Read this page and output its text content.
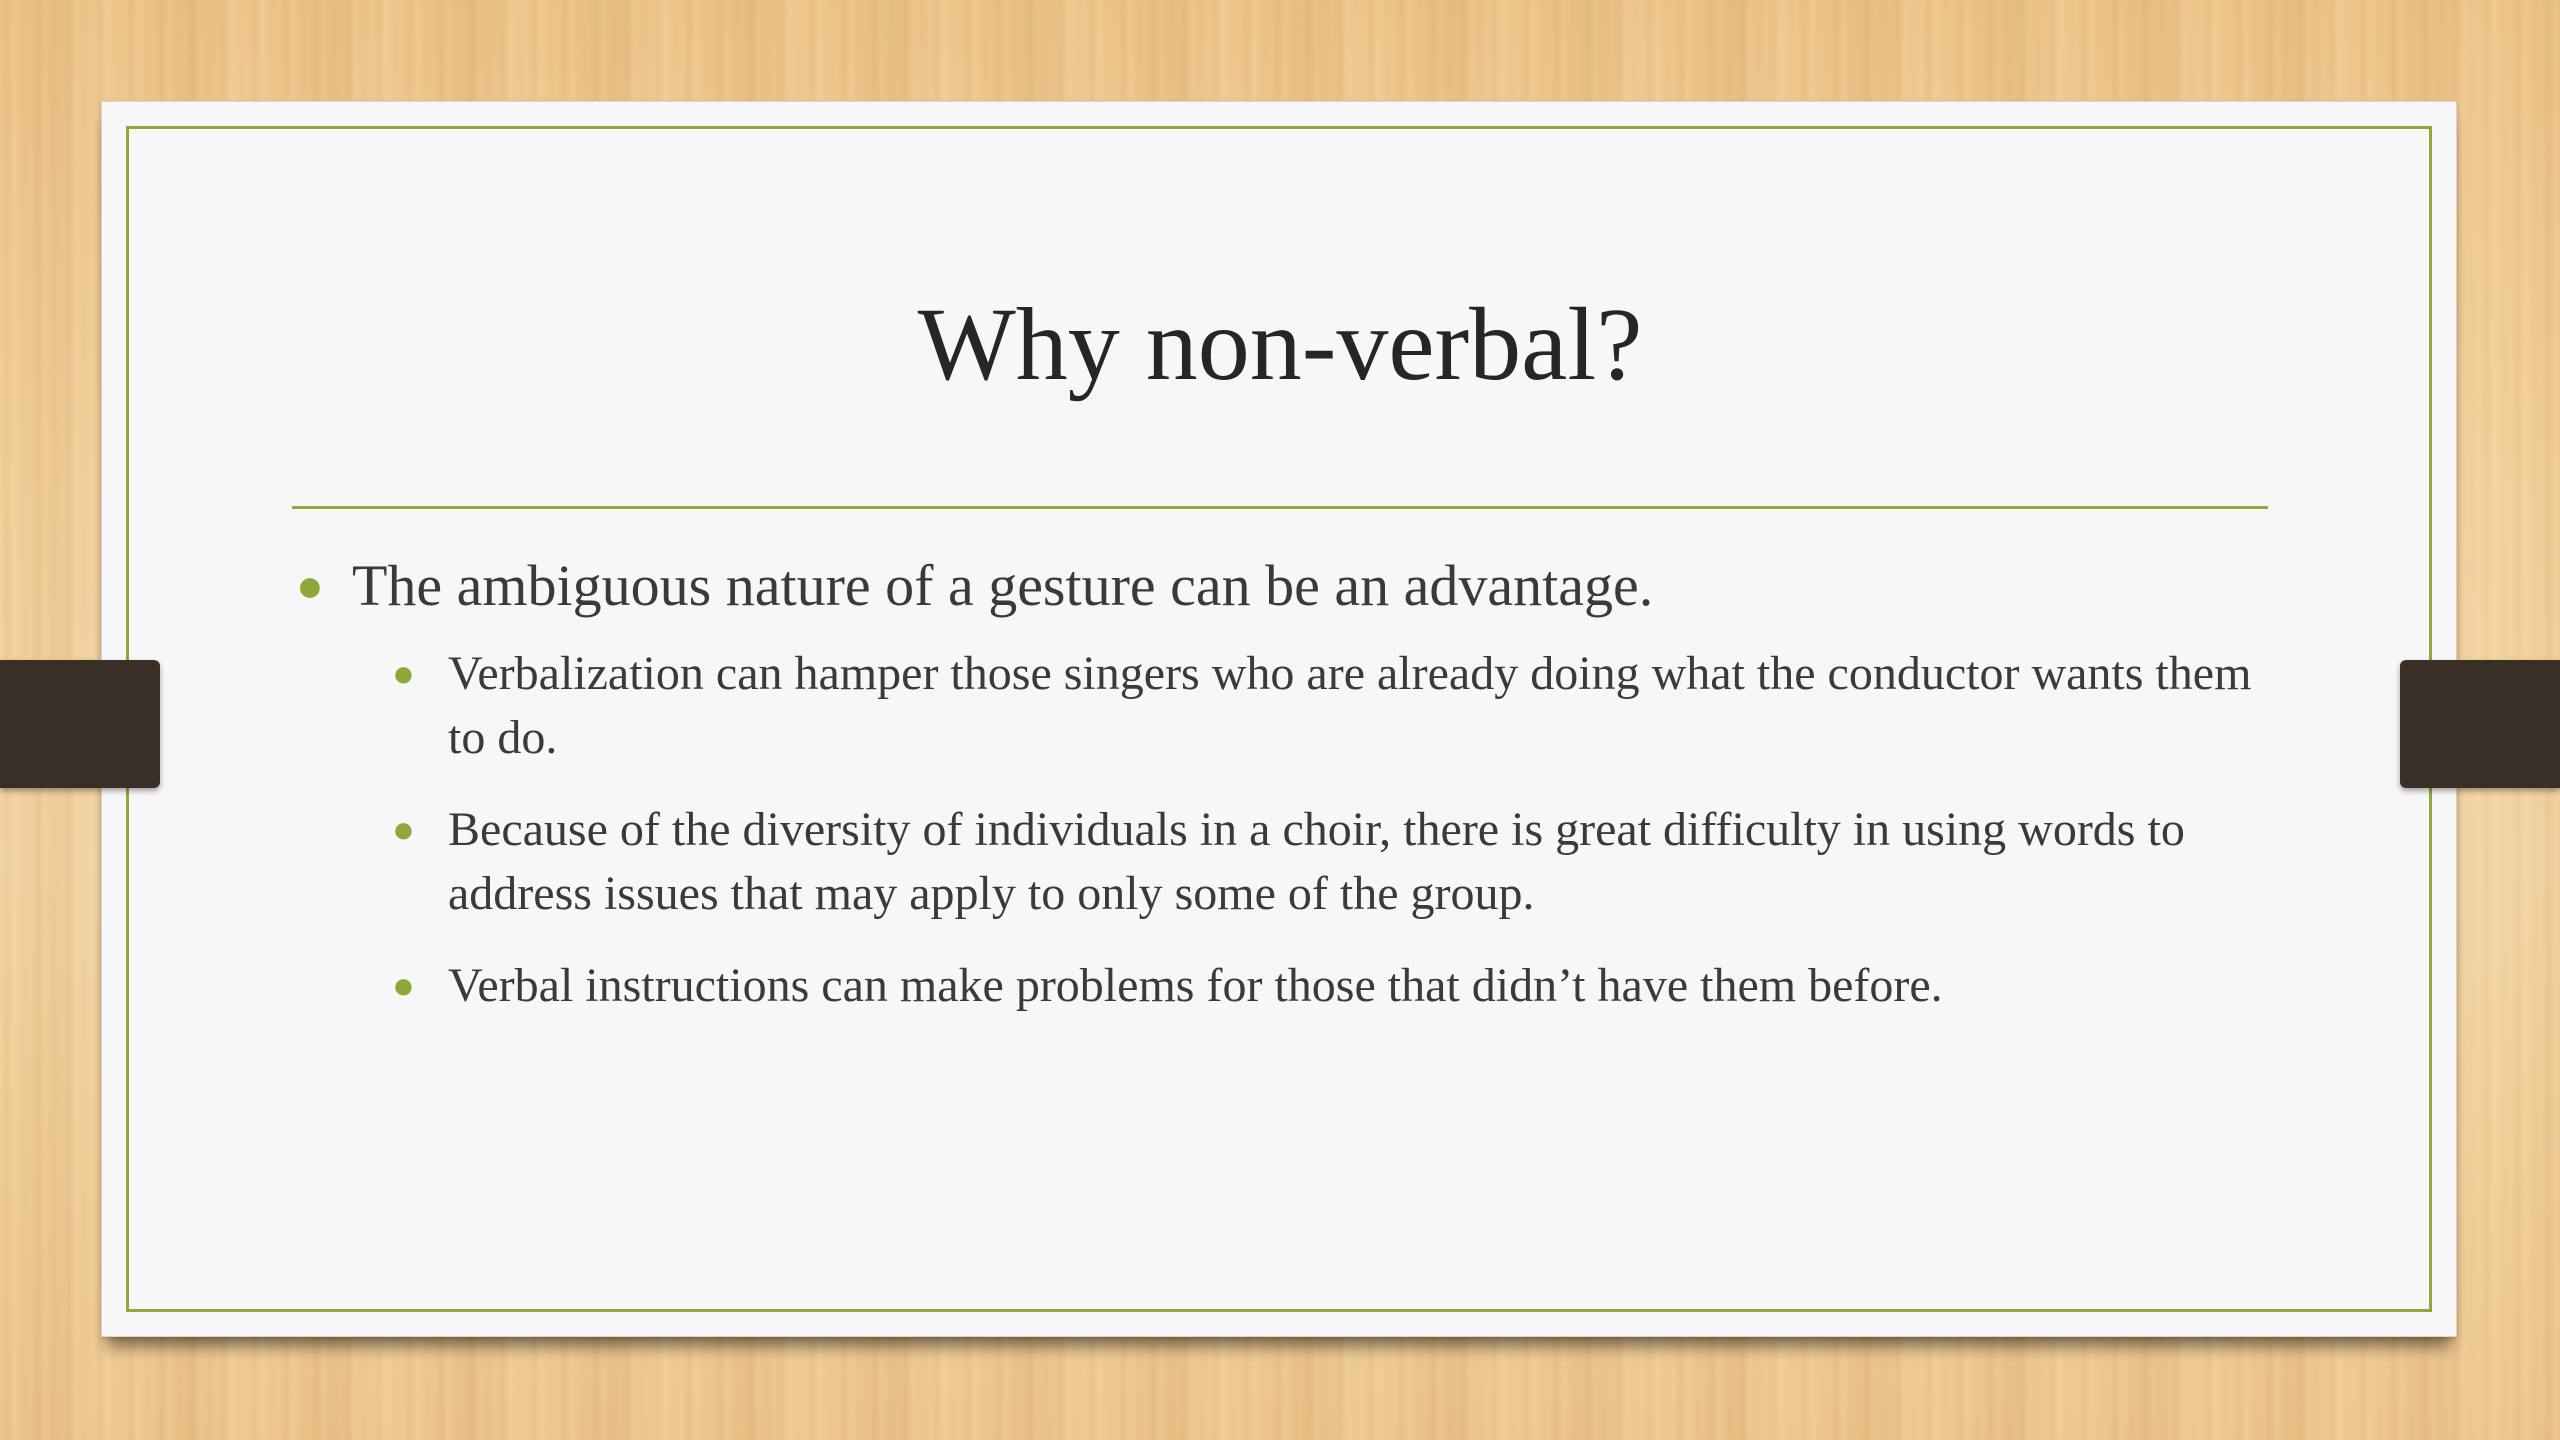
Why non-verbal?
● The ambiguous nature of a gesture can be an advantage.
● Verbalization can hamper those singers who are already doing what the conductor wants them to do.
● Because of the diversity of individuals in a choir, there is great difficulty in using words to address issues that may apply to only some of the group.
● Verbal instructions can make problems for those that didn’t have them before.
